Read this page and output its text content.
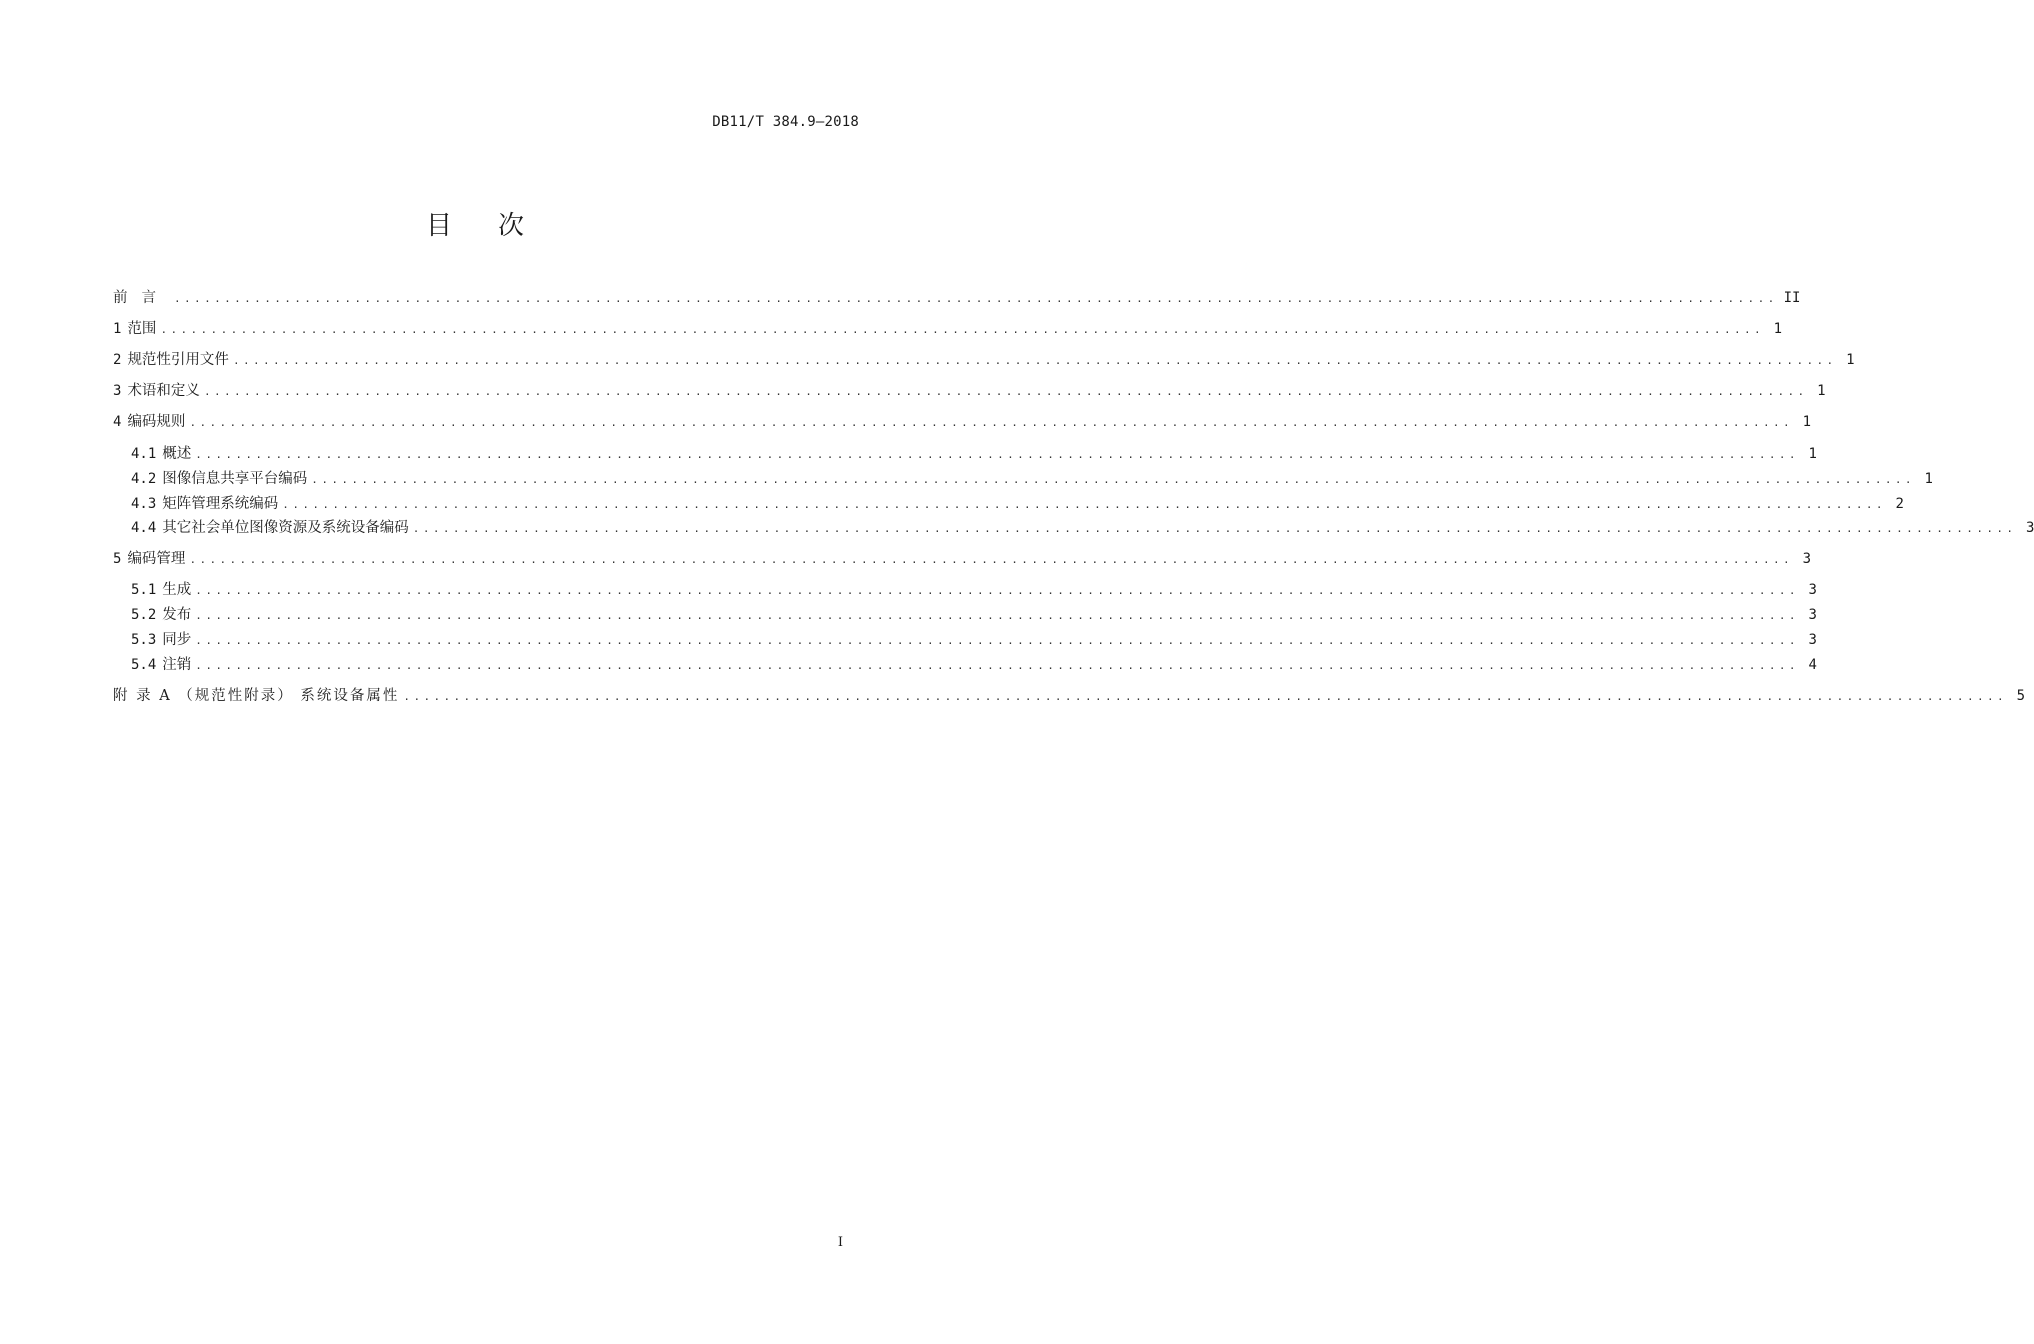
DB11/T 384.9—2018
目次
前言 ................................................................................................................................................................ II
1 范围 ................................................................................................................................................................ 1
2 规范性引用文件 ................................................................................................................................................................ 1
3 术语和定义 ................................................................................................................................................................ 1
4 编码规则 ................................................................................................................................................................ 1
4.1 概述 ................................................................................................................................................................ 1
4.2 图像信息共享平台编码 ................................................................................................................................................................ 1
4.3 矩阵管理系统编码 ................................................................................................................................................................ 2
4.4 其它社会单位图像资源及系统设备编码 ................................................................................................................................................................ 3
5 编码管理 ................................................................................................................................................................ 3
5.1 生成 ................................................................................................................................................................ 3
5.2 发布 ................................................................................................................................................................ 3
5.3 同步 ................................................................................................................................................................ 3
5.4 注销 ................................................................................................................................................................ 4
附 录 A （规范性附录） 系统设备属性 ................................................................................................................................................................ 5
I
